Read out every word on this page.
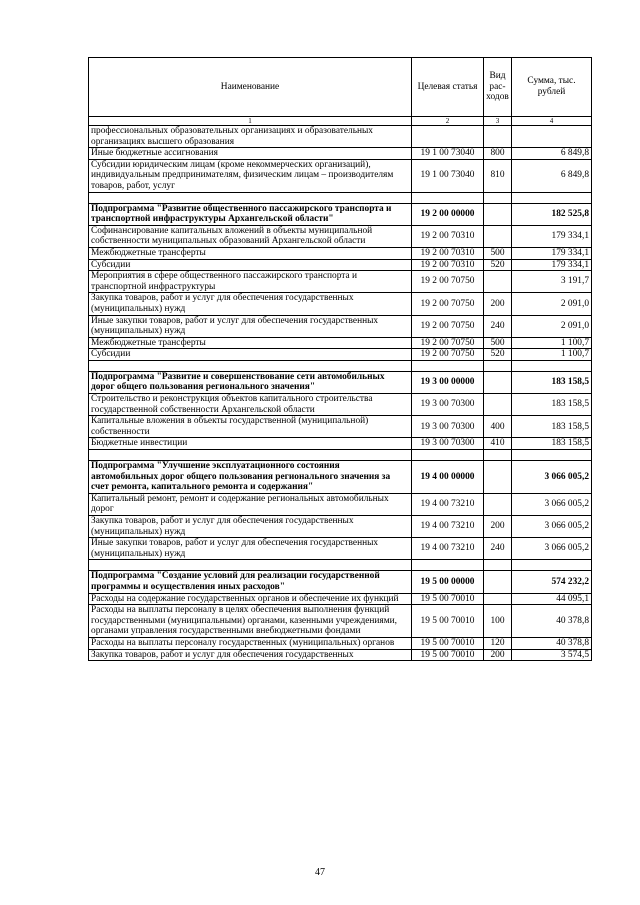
Наименование	Целевая статья	Вид рас-ходов	Сумма, тыс. рублей
1	2	3	4
профессиональных образовательных организациях и образовательных организациях высшего образования			
Иные бюджетные ассигнования	19 1 00 73040	800	6 849,8
Субсидии юридическим лицам (кроме некоммерческих организаций), индивидуальным предпринимателям, физическим лицам – производителям товаров, работ, услуг	19 1 00 73040	810	6 849,8

Подпрограмма "Развитие общественного пассажирского транспорта и транспортной инфраструктуры Архангельской области"	19 2 00 00000		182 525,8
Софинансирование капитальных вложений в объекты муниципальной собственности муниципальных образований Архангельской области	19 2 00 70310		179 334,1
Межбюджетные трансферты	19 2 00 70310	500	179 334,1
Субсидии	19 2 00 70310	520	179 334,1
Мероприятия в сфере общественного пассажирского транспорта и транспортной инфраструктуры	19 2 00 70750		3 191,7
Закупка товаров, работ и услуг для обеспечения государственных (муниципальных) нужд	19 2 00 70750	200	2 091,0
Иные закупки товаров, работ и услуг для обеспечения государственных (муниципальных) нужд	19 2 00 70750	240	2 091,0
Межбюджетные трансферты	19 2 00 70750	500	1 100,7
Субсидии	19 2 00 70750	520	1 100,7

Подпрограмма "Развитие и совершенствование сети автомобильных дорог общего пользования регионального значения"	19 3 00 00000		183 158,5
Строительство и реконструкция объектов капитального строительства государственной собственности Архангельской области	19 3 00 70300		183 158,5
Капитальные вложения в объекты государственной (муниципальной) собственности	19 3 00 70300	400	183 158,5
Бюджетные инвестиции	19 3 00 70300	410	183 158,5

Подпрограмма "Улучшение эксплуатационного состояния автомобильных дорог общего пользования регионального значения за счет ремонта, капитального ремонта и содержания"	19 4 00 00000		3 066 005,2
Капитальный ремонт, ремонт и содержание региональных автомобильных дорог	19 4 00 73210		3 066 005,2
Закупка товаров, работ и услуг для обеспечения государственных (муниципальных) нужд	19 4 00 73210	200	3 066 005,2
Иные закупки товаров, работ и услуг для обеспечения государственных (муниципальных) нужд	19 4 00 73210	240	3 066 005,2

Подпрограмма "Создание условий для реализации государственной программы и осуществления иных расходов"	19 5 00 00000		574 232,2
Расходы на содержание государственных органов и обеспечение их функций	19 5 00 70010		44 095,1
Расходы на выплаты персоналу в целях обеспечения выполнения функций государственными (муниципальными) органами, казенными учреждениями, органами управления государственными внебюджетными фондами	19 5 00 70010	100	40 378,8
Расходы на выплаты персоналу государственных (муниципальных) органов	19 5 00 70010	120	40 378,8
Закупка товаров, работ и услуг для обеспечения государственных	19 5 00 70010	200	3 574,5
47
